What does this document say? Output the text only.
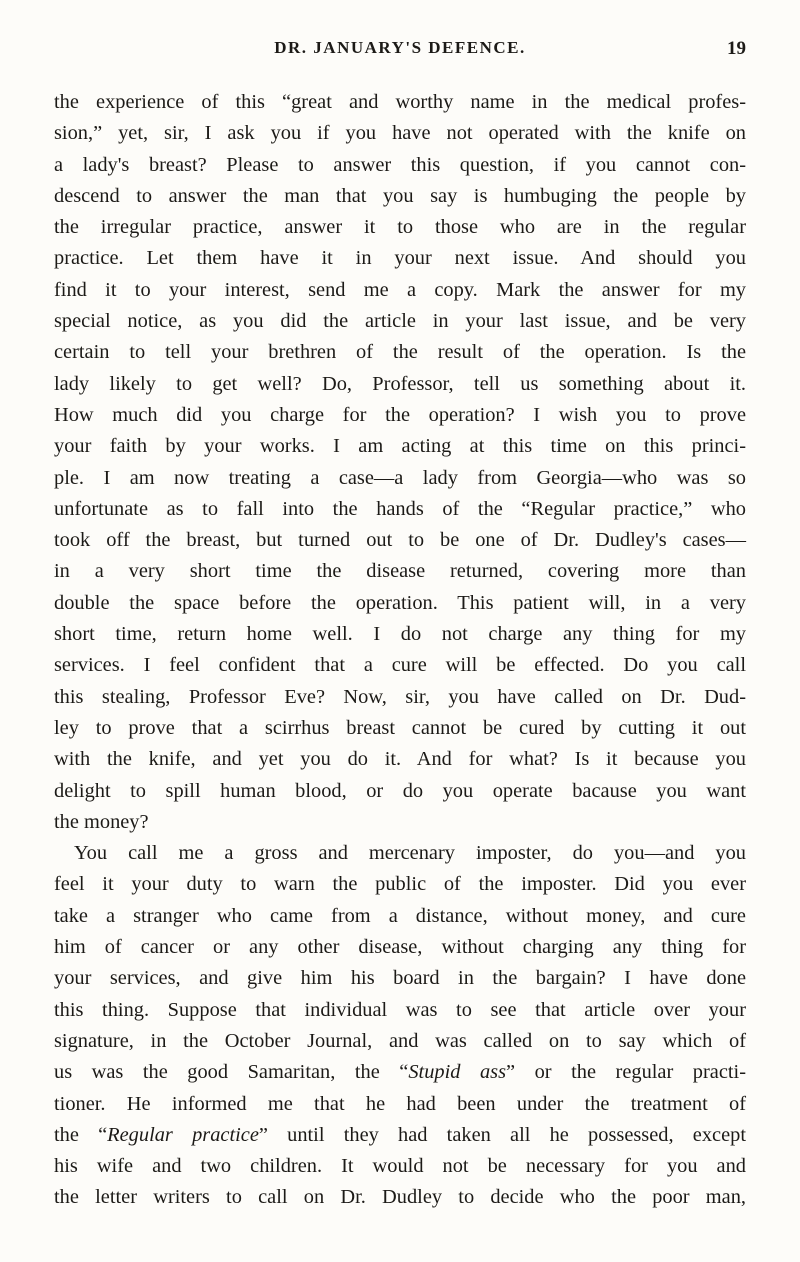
DR. JANUARY'S DEFENCE.	19
the experience of this “great and worthy name in the medical profes-
sion,” yet, sir, I ask you if you have not operated with the knife on
a lady's breast? Please to answer this question, if you cannot con-
descend to answer the man that you say is humbuging the people by
the irregular practice, answer it to those who are in the regular
practice. Let them have it in your next issue. And should you
find it to your interest, send me a copy. Mark the answer for my
special notice, as you did the article in your last issue, and be very
certain to tell your brethren of the result of the operation. Is the
lady likely to get well? Do, Professor, tell us something about it.
How much did you charge for the operation? I wish you to prove
your faith by your works. I am acting at this time on this princi-
ple. I am now treating a case—a lady from Georgia—who was so
unfortunate as to fall into the hands of the “Regular practice,” who
took off the breast, but turned out to be one of Dr. Dudley's cases—
in a very short time the disease returned, covering more than
double the space before the operation. This patient will, in a very
short time, return home well. I do not charge any thing for my
services. I feel confident that a cure will be effected. Do you call
this stealing, Professor Eve? Now, sir, you have called on Dr. Dud-
ley to prove that a scirrhus breast cannot be cured by cutting it out
with the knife, and yet you do it. And for what? Is it because you
delight to spill human blood, or do you operate bacause you want
the money?
You call me a gross and mercenary imposter, do you—and you
feel it your duty to warn the public of the imposter. Did you ever
take a stranger who came from a distance, without money, and cure
him of cancer or any other disease, without charging any thing for
your services, and give him his board in the bargain? I have done
this thing. Suppose that individual was to see that article over your
signature, in the October Journal, and was called on to say which of
us was the good Samaritan, the “Stupid ass” or the regular practi-
tioner. He informed me that he had been under the treatment of
the “Regular practice” until they had taken all he possessed, except
his wife and two children. It would not be necessary for you and
the letter writers to call on Dr. Dudley to decide who the poor man,
